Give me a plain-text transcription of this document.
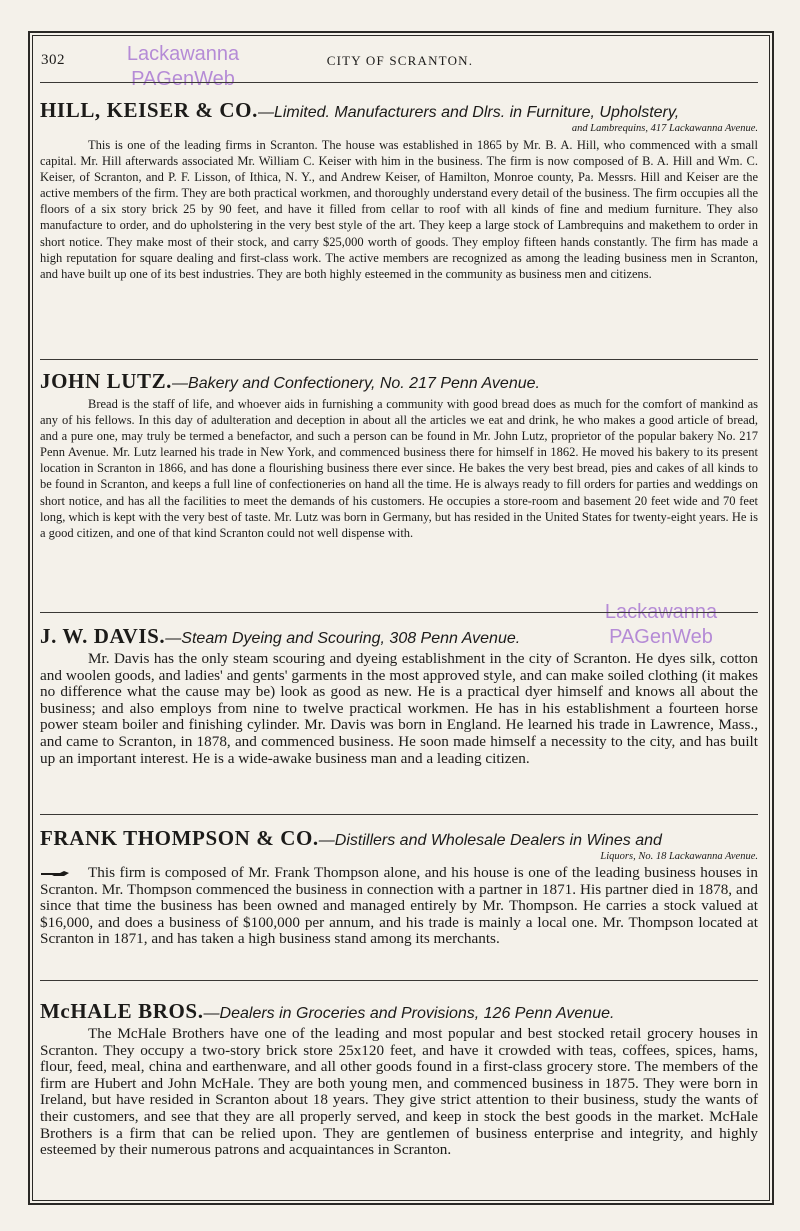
302	CITY OF SCRANTON.
Lackawanna
PAGenWeb
Lackawanna
PAGenWeb
HILL, KEISER & CO.—Limited. Manufacturers and Dlrs. in Furniture, Upholstery,
and Lambrequins, 417 Lackawanna Avenue.
This is one of the leading firms in Scranton. The house was established in 1865 by Mr. B. A. Hill, who commenced with a small capital. Mr. Hill afterwards associated Mr. William C. Keiser with him in the business. The firm is now composed of B. A. Hill and Wm. C. Keiser, of Scranton, and P. F. Lisson, of Ithica, N. Y., and Andrew Keiser, of Hamilton, Monroe county, Pa. Messrs. Hill and Keiser are the active members of the firm. They are both practical workmen, and thoroughly understand every detail of the business. The firm occupies all the floors of a six story brick 25 by 90 feet, and have it filled from cellar to roof with all kinds of fine and medium furniture. They also manufacture to order, and do upholstering in the very best style of the art. They keep a large stock of Lambrequins and makethem to order in short notice. They make most of their stock, and carry $25,000 worth of goods. They employ fifteen hands constantly. The firm has made a high reputation for square dealing and first-class work. The active members are recognized as among the leading business men in Scranton, and have built up one of its best industries. They are both highly esteemed in the community as business men and citizens.
JOHN LUTZ.—Bakery and Confectionery, No. 217 Penn Avenue.
Bread is the staff of life, and whoever aids in furnishing a community with good bread does as much for the comfort of mankind as any of his fellows. In this day of adulteration and deception in about all the articles we eat and drink, he who makes a good article of bread, and a pure one, may truly be termed a benefactor, and such a person can be found in Mr. John Lutz, proprietor of the popular bakery No. 217 Penn Avenue. Mr. Lutz learned his trade in New York, and commenced business there for himself in 1862. He moved his bakery to its present location in Scranton in 1866, and has done a flourishing business there ever since. He bakes the very best bread, pies and cakes of all kinds to be found in Scranton, and keeps a full line of confectioneries on hand all the time. He is always ready to fill orders for parties and weddings on short notice, and has all the facilities to meet the demands of his customers. He occupies a store-room and basement 20 feet wide and 70 feet long, which is kept with the very best of taste. Mr. Lutz was born in Germany, but has resided in the United States for twenty-eight years. He is a good citizen, and one of that kind Scranton could not well dispense with.
J. W. DAVIS.—Steam Dyeing and Scouring, 308 Penn Avenue.
Mr. Davis has the only steam scouring and dyeing establishment in the city of Scranton. He dyes silk, cotton and woolen goods, and ladies' and gents' garments in the most approved style, and can make soiled clothing (it makes no difference what the cause may be) look as good as new. He is a practical dyer himself and knows all about the business; and also employs from nine to twelve practical workmen. He has in his establishment a fourteen horse power steam boiler and finishing cylinder. Mr. Davis was born in England. He learned his trade in Lawrence, Mass., and came to Scranton, in 1878, and commenced business. He soon made himself a necessity to the city, and has built up an important interest. He is a wide-awake business man and a leading citizen.
FRANK THOMPSON & CO.—Distillers and Wholesale Dealers in Wines and
Liquors, No. 18 Lackawanna Avenue.
This firm is composed of Mr. Frank Thompson alone, and his house is one of the leading business houses in Scranton. Mr. Thompson commenced the business in connection with a partner in 1871. His partner died in 1878, and since that time the business has been owned and managed entirely by Mr. Thompson. He carries a stock valued at $16,000, and does a business of $100,000 per annum, and his trade is mainly a local one. Mr. Thompson located at Scranton in 1871, and has taken a high business stand among its merchants.
McHALE BROS.—Dealers in Groceries and Provisions, 126 Penn Avenue.
The McHale Brothers have one of the leading and most popular and best stocked retail grocery houses in Scranton. They occupy a two-story brick store 25x120 feet, and have it crowded with teas, coffees, spices, hams, flour, feed, meal, china and earthenware, and all other goods found in a first-class grocery store. The members of the firm are Hubert and John McHale. They are both young men, and commenced business in 1875. They were born in Ireland, but have resided in Scranton about 18 years. They give strict attention to their business, study the wants of their customers, and see that they are all properly served, and keep in stock the best goods in the market. McHale Brothers is a firm that can be relied upon. They are gentlemen of business enterprise and integrity, and highly esteemed by their numerous patrons and acquaintances in Scranton.
